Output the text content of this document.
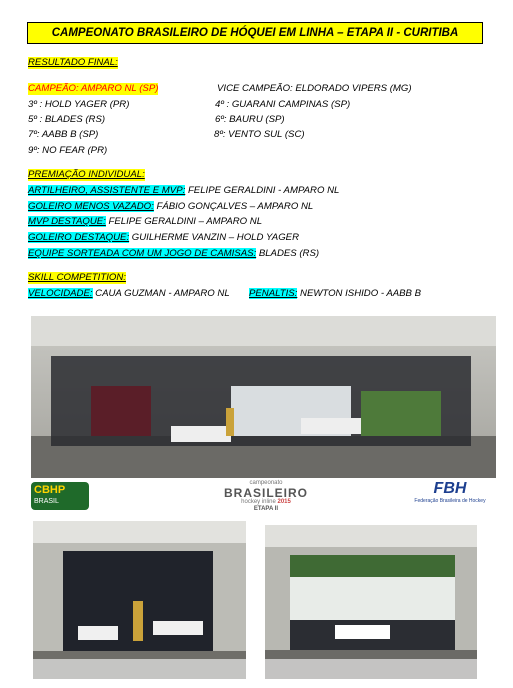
CAMPEONATO BRASILEIRO DE HÓQUEI EM LINHA – ETAPA II - CURITIBA
RESULTADO FINAL:
CAMPEÃO: AMPARO NL (SP)	VICE CAMPEÃO: ELDORADO VIPERS (MG)
3º : HOLD YAGER (PR)	4º : GUARANI CAMPINAS (SP)
5º : BLADES (RS)	6º: BAURU (SP)
7º: AABB B (SP)	8º: VENTO SUL (SC)
9º: NO FEAR (PR)
PREMIAÇÃO INDIVIDUAL:
ARTILHEIRO, ASSISTENTE E MVP: FELIPE GERALDINI - AMPARO NL
GOLEIRO MENOS VAZADO: FÁBIO GONÇALVES – AMPARO NL
MVP DESTAQUE: FELIPE GERALDINI – AMPARO NL
GOLEIRO DESTAQUE: GUILHERME VANZIN – HOLD YAGER
EQUIPE SORTEADA COM UM JOGO DE CAMISAS: BLADES (RS)
SKILL COMPETITION:
VELOCIDADE: CAUA GUZMAN - AMPARO NL PENALTIS: NEWTON ISHIDO - AABB B
CBHP
BRASIL
campeonato
BRASILEIRO
hockey inline 2015
ETAPA II
FBH
Federação Brasileira de Hockey
